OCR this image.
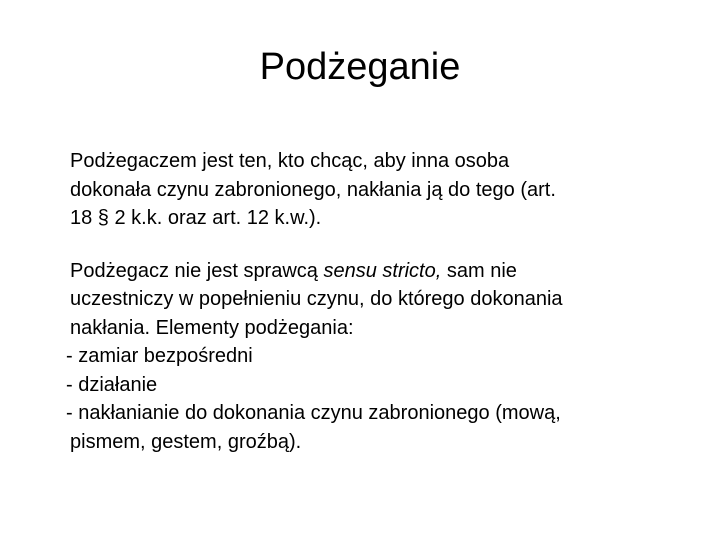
Podżeganie

Podżegaczem jest ten, kto chcąc, aby inna osoba
dokonała czynu zabronionego, nakłania ją do tego (art.
18 § 2 k.k. oraz art. 12 k.w.).

Podżegacz nie jest sprawcą sensu stricto, sam nie
uczestniczy w popełnieniu czynu, do którego dokonania
nakłania. Elementy podżegania:
- zamiar bezpośredni
- działanie
- nakłanianie do dokonania czynu zabronionego (mową,
pismem, gestem, groźbą).
